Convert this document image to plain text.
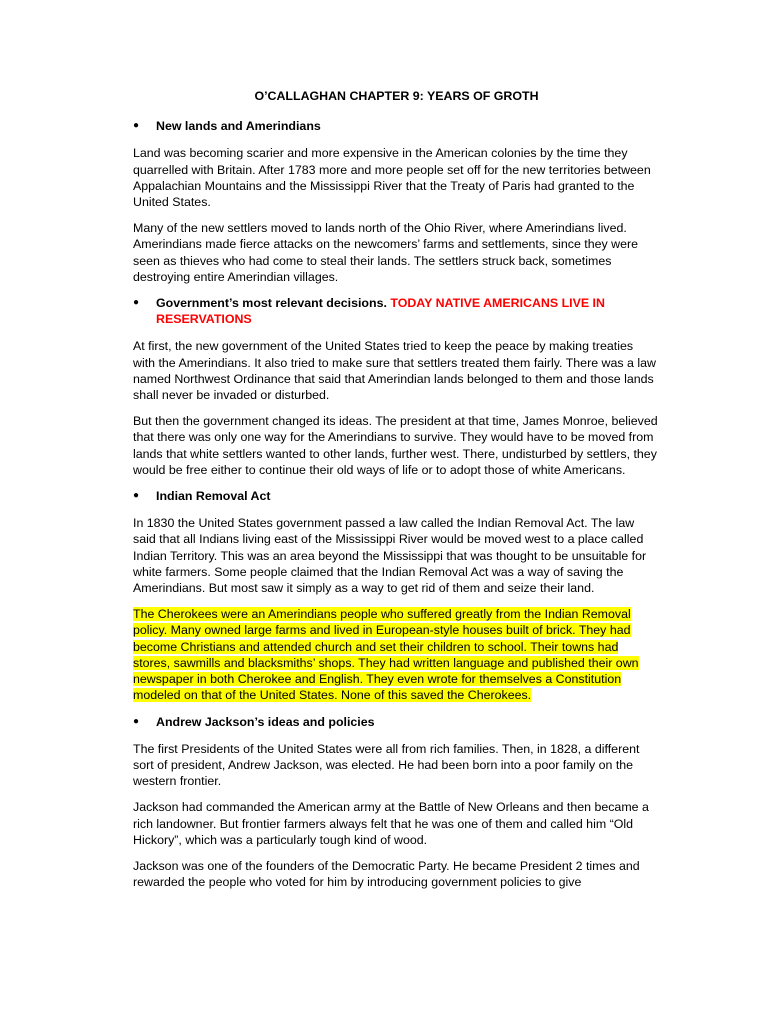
O’CALLAGHAN CHAPTER 9: YEARS OF GROTH
● New lands and Amerindians

Land was becoming scarier and more expensive in the American colonies by the time they quarrelled with Britain. After 1783 more and more people set off for the new territories between Appalachian Mountains and the Mississippi River that the Treaty of Paris had granted to the United States.

Many of the new settlers moved to lands north of the Ohio River, where Amerindians lived. Amerindians made fierce attacks on the newcomers’ farms and settlements, since they were seen as thieves who had come to steal their lands. The settlers struck back, sometimes destroying entire Amerindian villages.

● Government’s most relevant decisions. TODAY NATIVE AMERICANS LIVE IN RESERVATIONS

At first, the new government of the United States tried to keep the peace by making treaties with the Amerindians. It also tried to make sure that settlers treated them fairly. There was a law named Northwest Ordinance that said that Amerindian lands belonged to them and those lands shall never be invaded or disturbed.

But then the government changed its ideas. The president at that time, James Monroe, believed that there was only one way for the Amerindians to survive. They would have to be moved from lands that white settlers wanted to other lands, further west. There, undisturbed by settlers, they would be free either to continue their old ways of life or to adopt those of white Americans.

● Indian Removal Act

In 1830 the United States government passed a law called the Indian Removal Act. The law said that all Indians living east of the Mississippi River would be moved west to a place called Indian Territory. This was an area beyond the Mississippi that was thought to be unsuitable for white farmers. Some people claimed that the Indian Removal Act was a way of saving the Amerindians. But most saw it simply as a way to get rid of them and seize their land.

The Cherokees were an Amerindians people who suffered greatly from the Indian Removal policy. Many owned large farms and lived in European-style houses built of brick. They had become Christians and attended church and set their children to school. Their towns had stores, sawmills and blacksmiths’ shops. They had written language and published their own newspaper in both Cherokee and English. They even wrote for themselves a Constitution modeled on that of the United States. None of this saved the Cherokees.

● Andrew Jackson’s ideas and policies

The first Presidents of the United States were all from rich families. Then, in 1828, a different sort of president, Andrew Jackson, was elected. He had been born into a poor family on the western frontier.

Jackson had commanded the American army at the Battle of New Orleans and then became a rich landowner. But frontier farmers always felt that he was one of them and called him “Old Hickory”, which was a particularly tough kind of wood.

Jackson was one of the founders of the Democratic Party. He became President 2 times and rewarded the people who voted for him by introducing government policies to give
